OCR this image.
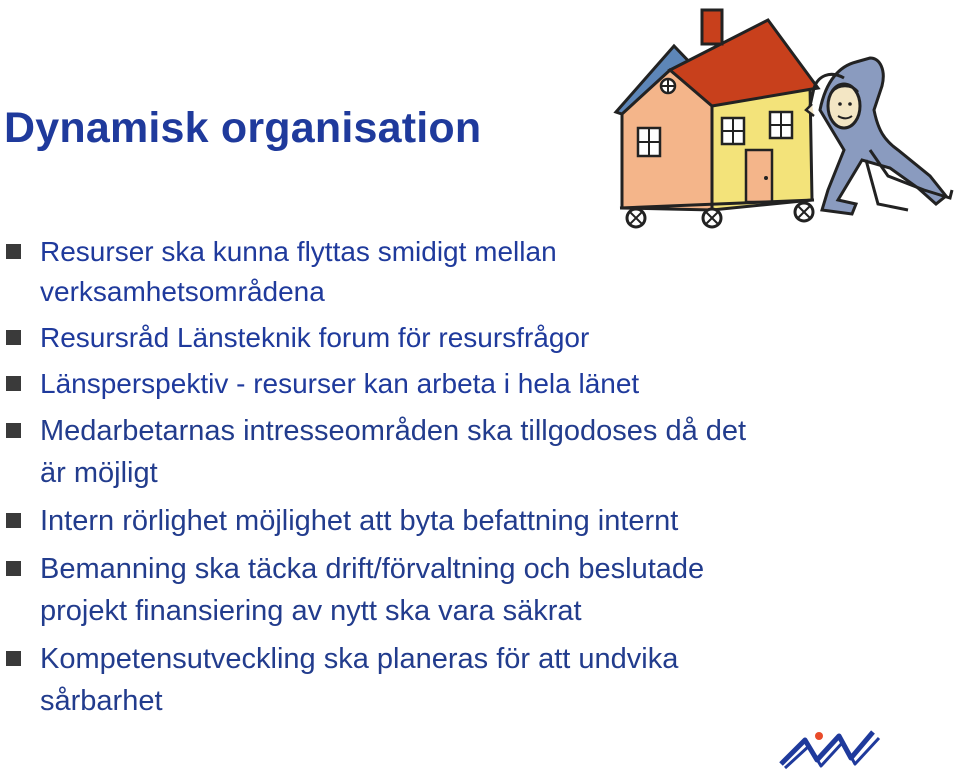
Dynamisk organisation
Resurser ska kunna flyttas smidigt mellan
verksamhetsområdena
Resursråd Länsteknik forum för resursfrågor
Länsperspektiv - resurser kan arbeta i hela länet
Medarbetarnas intresseområden ska tillgodoses då det
är möjligt
Intern rörlighet möjlighet att byta befattning internt
Bemanning ska täcka drift/förvaltning och beslutade
projekt finansiering av nytt ska vara säkrat
Kompetensutveckling ska planeras för att undvika
sårbarhet
